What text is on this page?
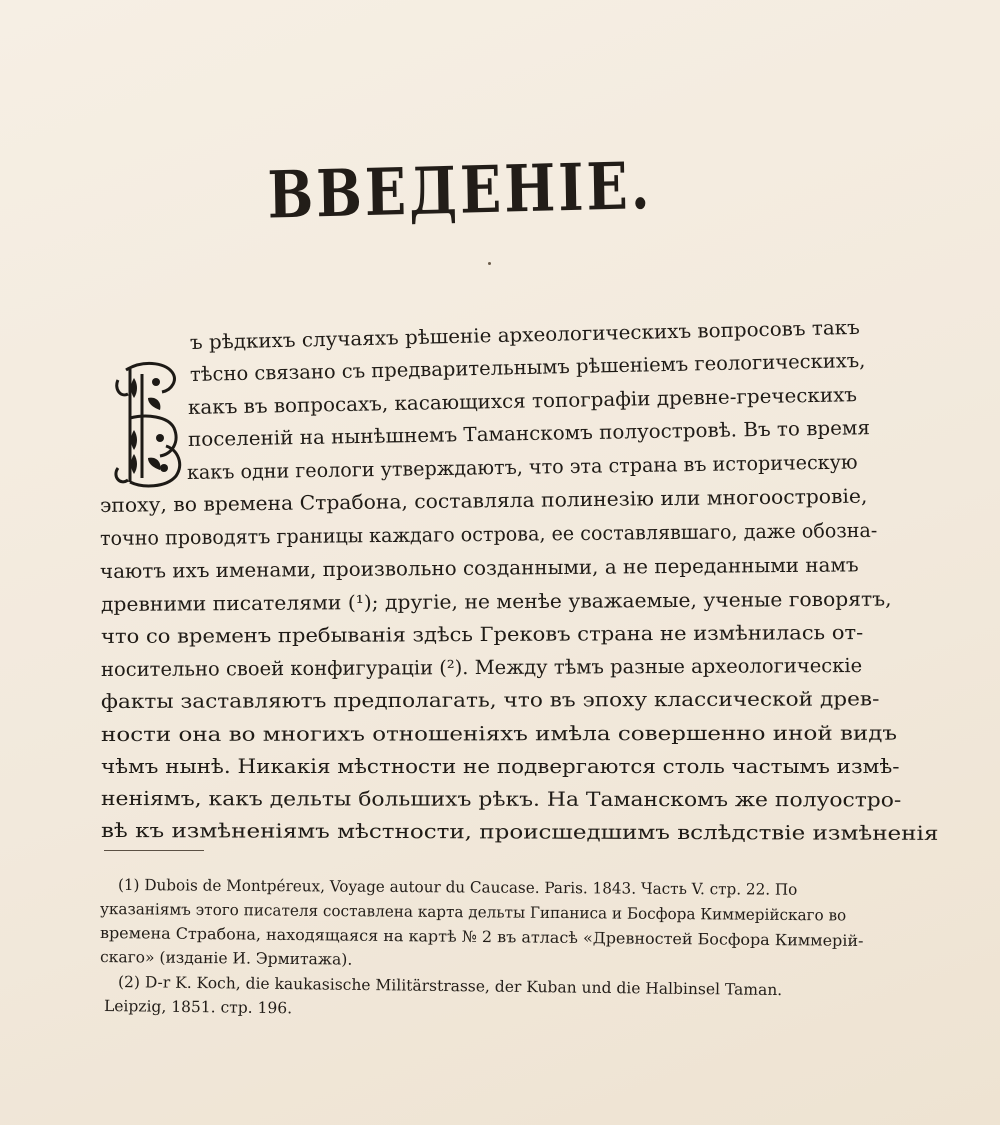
ВВЕДЕНІЕ.
ъ рѣдкихъ случаяхъ рѣшеніе археологическихъ вопросовъ такъ
тѣсно связано съ предварительнымъ рѣшеніемъ геологическихъ,
какъ въ вопросахъ, касающихся топографіи древне-греческихъ
поселеній на нынѣшнемъ Таманскомъ полуостровѣ. Въ то время
какъ одни геологи утверждаютъ, что эта страна въ историческую
эпоху, во времена Страбона, составляла полинезію или многоостровіе,
точно проводятъ границы каждаго острова, ее составлявшаго, даже обозна-
чаютъ ихъ именами, произвольно созданными, а не переданными намъ
древними писателями (¹); другіе, не менѣе уважаемые, ученые говорятъ,
что со временъ пребыванія здѣсь Грековъ страна не измѣнилась от-
носительно своей конфигураціи (²). Между тѣмъ разные археологическіе
факты заставляютъ предполагать, что въ эпоху классической древ-
ности она во многихъ отношеніяхъ имѣла совершенно иной видъ
чѣмъ нынѣ. Никакія мѣстности не подвергаются столь частымъ измѣ-
неніямъ, какъ дельты большихъ рѣкъ. На Таманскомъ же полуостро-
вѣ къ измѣненіямъ мѣстности, происшедшимъ вслѣдствіе измѣненія
(1) Dubois de Montpéreux, Voyage autour du Caucase. Paris. 1843. Часть V. стр. 22. По
указаніямъ этого писателя составлена карта дельты Гипаниса и Босфора Киммерійскаго во
времена Страбона, находящаяся на картѣ № 2 въ атласѣ «Древностей Босфора Киммерій-
скаго» (изданіе И. Эрмитажа).
(2) D-r K. Koch, die kaukasische Militärstrasse, der Kuban und die Halbinsel Taman.
Leipzig, 1851. стр. 196.
